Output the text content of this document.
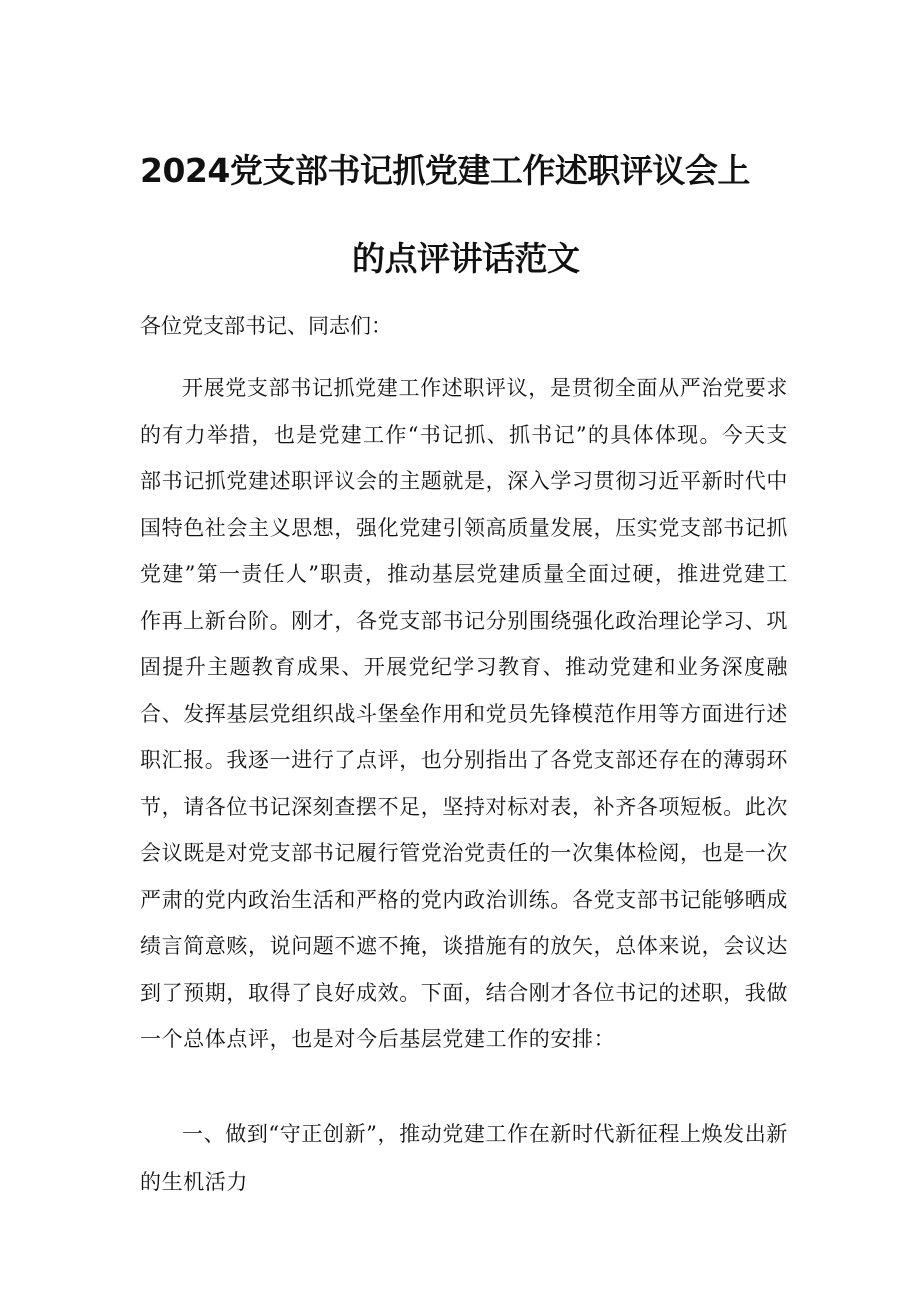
2024党支部书记抓党建工作述职评议会上
的点评讲话范文
各位党支部书记、同志们：
开展党支部书记抓党建工作述职评议，是贯彻全面从严治党要求的有力举措，也是党建工作“书记抓、抓书记”的具体体现。今天支部书记抓党建述职评议会的主题就是，深入学习贯彻习近平新时代中国特色社会主义思想，强化党建引领高质量发展，压实党支部书记抓党建”第一责任人”职责，推动基层党建质量全面过硬，推进党建工作再上新台阶。刚才，各党支部书记分别围绕强化政治理论学习、巩固提升主题教育成果、开展党纪学习教育、推动党建和业务深度融合、发挥基层党组织战斗堡垒作用和党员先锋模范作用等方面进行述职汇报。我逐一进行了点评，也分别指出了各党支部还存在的薄弱环节，请各位书记深刻查摆不足，坚持对标对表，补齐各项短板。此次会议既是对党支部书记履行管党治党责任的一次集体检阅，也是一次严肃的党内政治生活和严格的党内政治训练。各党支部书记能够晒成绩言简意赅，说问题不遮不掩，谈措施有的放矢，总体来说，会议达到了预期，取得了良好成效。下面，结合刚才各位书记的述职，我做一个总体点评，也是对今后基层党建工作的安排：
一、做到“守正创新”，推动党建工作在新时代新征程上焕发出新的生机活力
